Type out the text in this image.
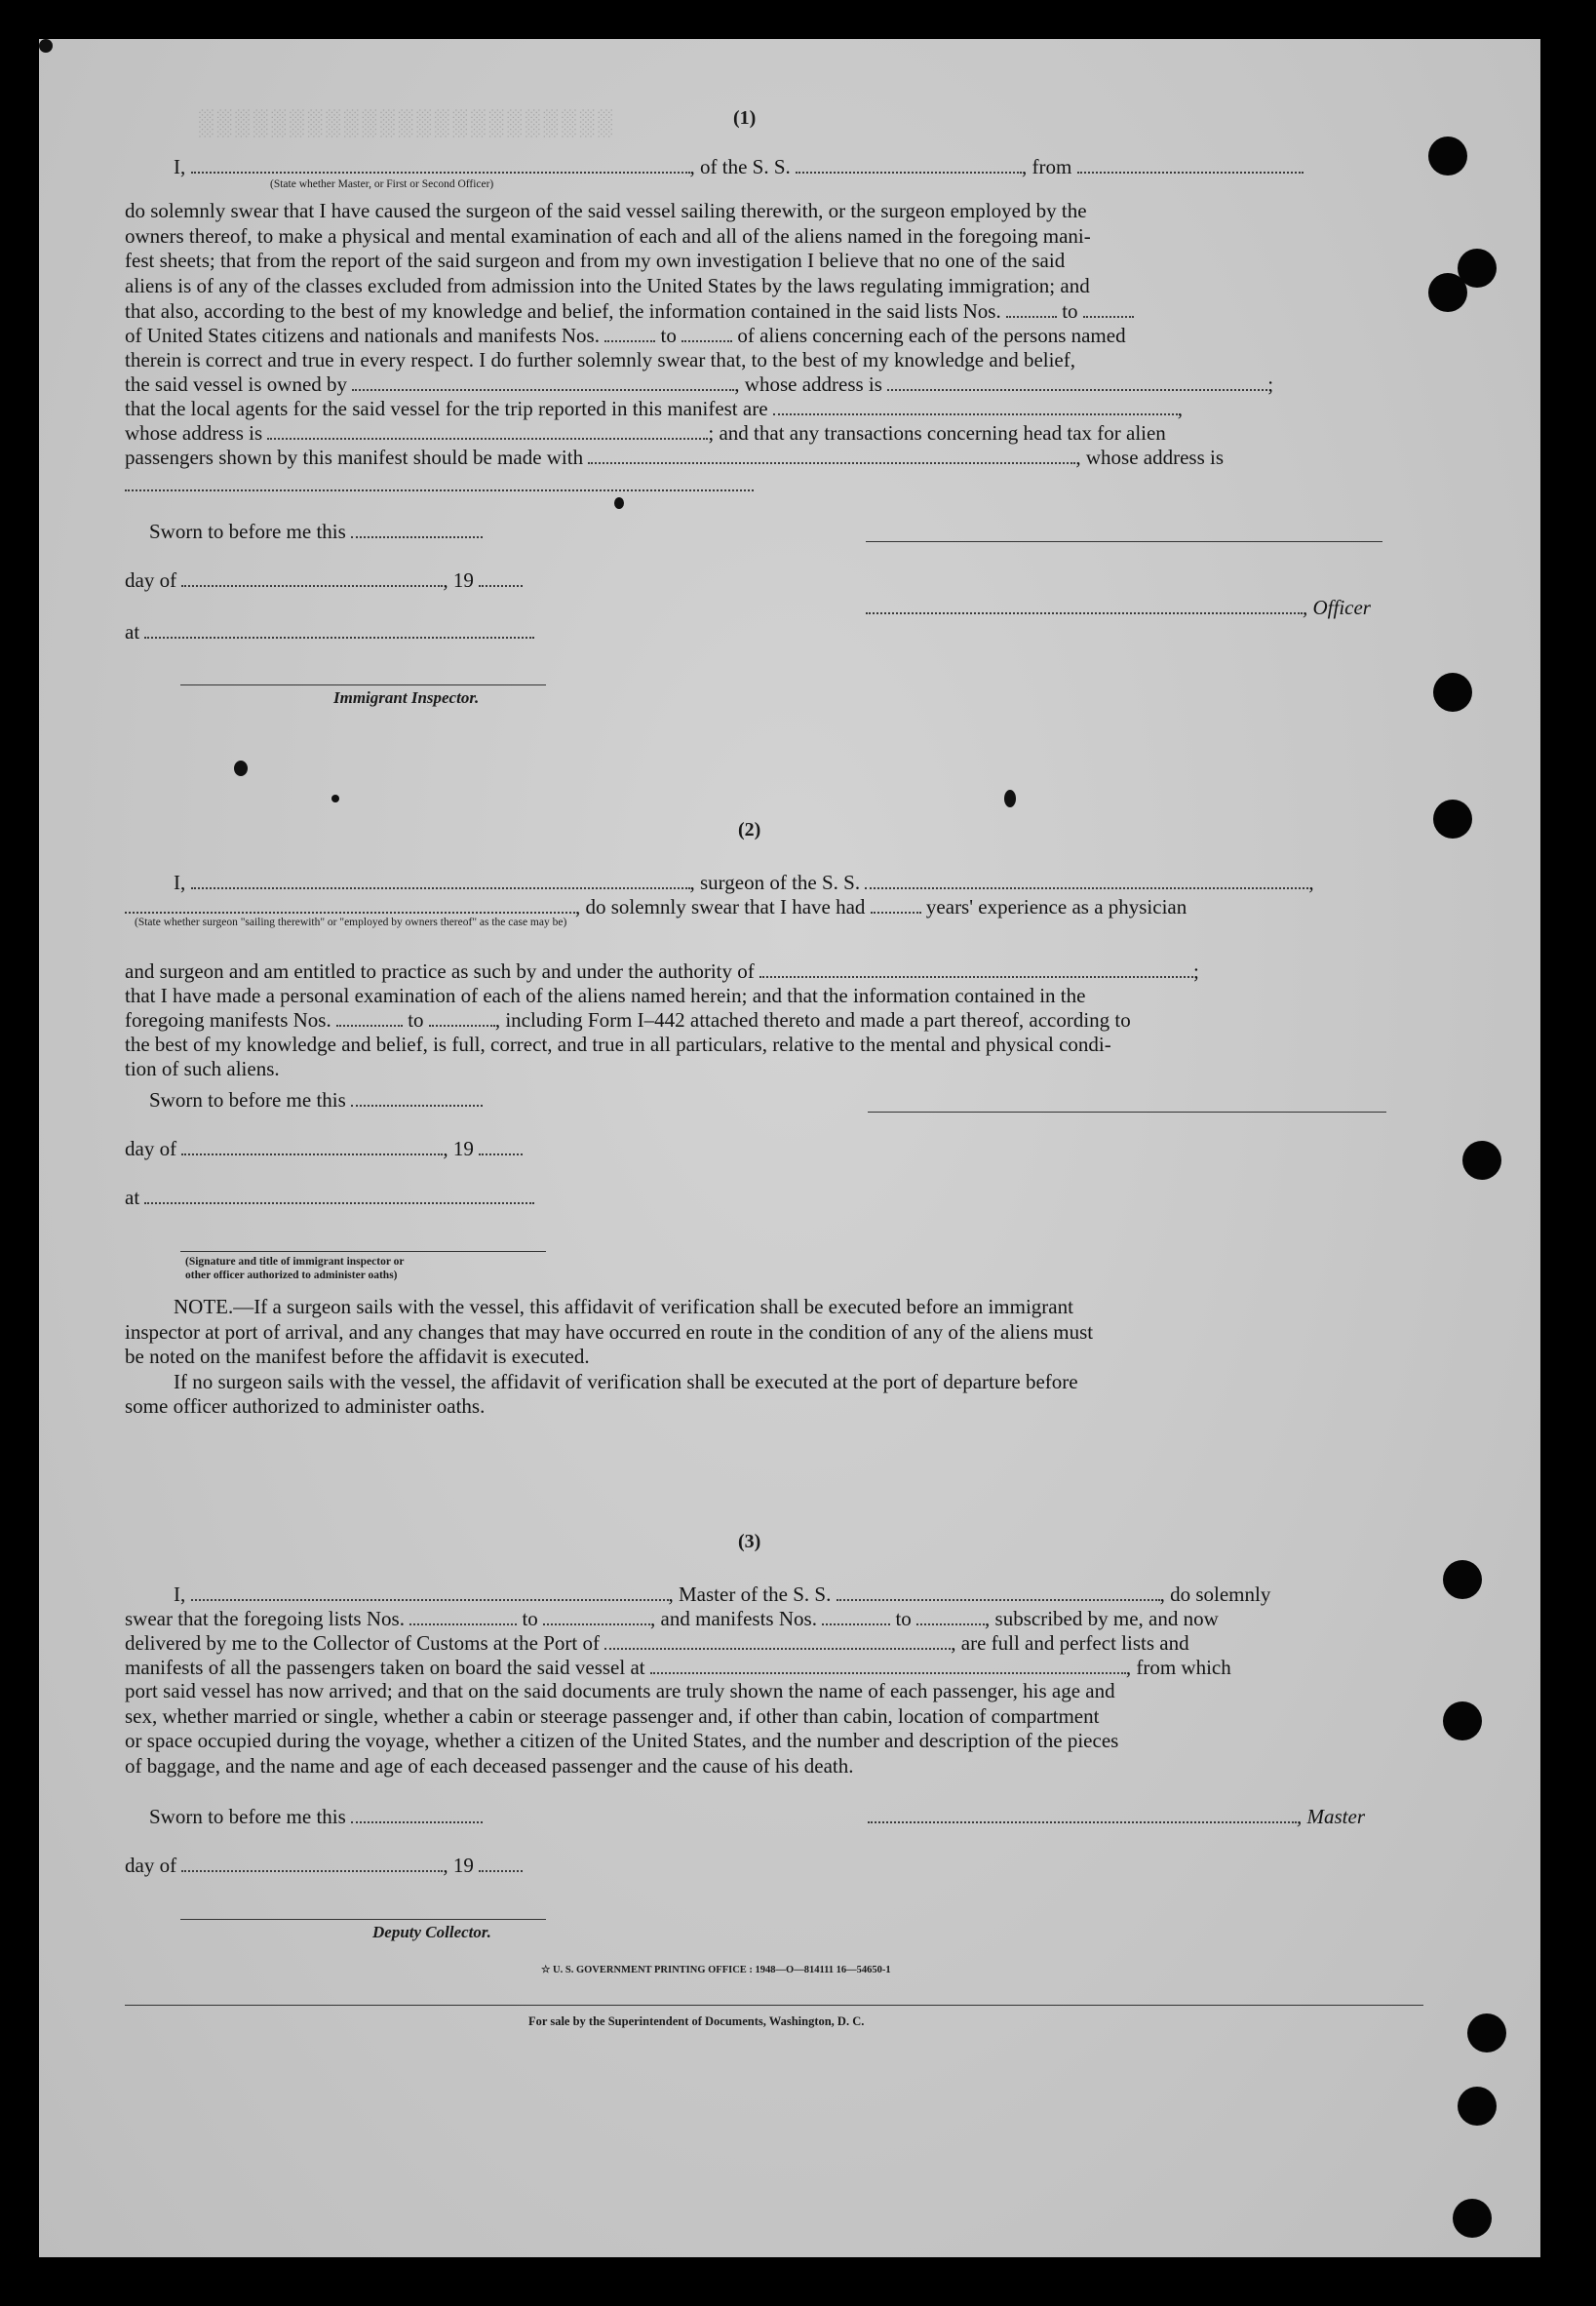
░░░░░░░░░░░░░░░░░░░░░░░	(1)
I,	, of the S. S.	, from
(State whether Master, or First or Second Officer)
do solemnly swear that I have caused the surgeon of the said vessel sailing therewith, or the surgeon employed by the
owners thereof, to make a physical and mental examination of each and all of the aliens named in the foregoing mani-
fest sheets; that from the report of the said surgeon and from my own investigation I believe that no one of the said
aliens is of any of the classes excluded from admission into the United States by the laws regulating immigration; and
that also, according to the best of my knowledge and belief, the information contained in the said lists Nos.	to
of United States citizens and nationals and manifests Nos.	to	of aliens concerning each of the persons named
therein is correct and true in every respect. I do further solemnly swear that, to the best of my knowledge and belief,
the said vessel is owned by	, whose address is	;
that the local agents for the said vessel for the trip reported in this manifest are	,
whose address is	; and that any transactions concerning head tax for alien
passengers shown by this manifest should be made with	, whose address is
Sworn to before me this
day of	, 19
, Officer
at
Immigrant Inspector.
(2)
I,	, surgeon of the S. S.	,
, do solemnly swear that I have had	years' experience as a physician
(State whether surgeon "sailing therewith" or "employed by owners thereof" as the case may be)
and surgeon and am entitled to practice as such by and under the authority of	;
that I have made a personal examination of each of the aliens named herein; and that the information contained in the
foregoing manifests Nos.	to	, including Form I–442 attached thereto and made a part thereof, according to
the best of my knowledge and belief, is full, correct, and true in all particulars, relative to the mental and physical condi-
tion of such aliens.
Sworn to before me this
day of	, 19
at
(Signature and title of immigrant inspector or
other officer authorized to administer oaths)
NOTE.—If a surgeon sails with the vessel, this affidavit of verification shall be executed before an immigrant
inspector at port of arrival, and any changes that may have occurred en route in the condition of any of the aliens must
be noted on the manifest before the affidavit is executed.
If no surgeon sails with the vessel, the affidavit of verification shall be executed at the port of departure before
some officer authorized to administer oaths.
(3)
I,	, Master of the S. S.	, do solemnly
swear that the foregoing lists Nos.	to	, and manifests Nos.	to	, subscribed by me, and now
delivered by me to the Collector of Customs at the Port of	, are full and perfect lists and
manifests of all the passengers taken on board the said vessel at	, from which
port said vessel has now arrived; and that on the said documents are truly shown the name of each passenger, his age and
sex, whether married or single, whether a cabin or steerage passenger and, if other than cabin, location of compartment
or space occupied during the voyage, whether a citizen of the United States, and the number and description of the pieces
of baggage, and the name and age of each deceased passenger and the cause of his death.
Sworn to before me this	, Master
day of	, 19
Deputy Collector.
☆ U. S. GOVERNMENT PRINTING OFFICE : 1948—O—814111 16—54650-1
For sale by the Superintendent of Documents, Washington, D. C.
